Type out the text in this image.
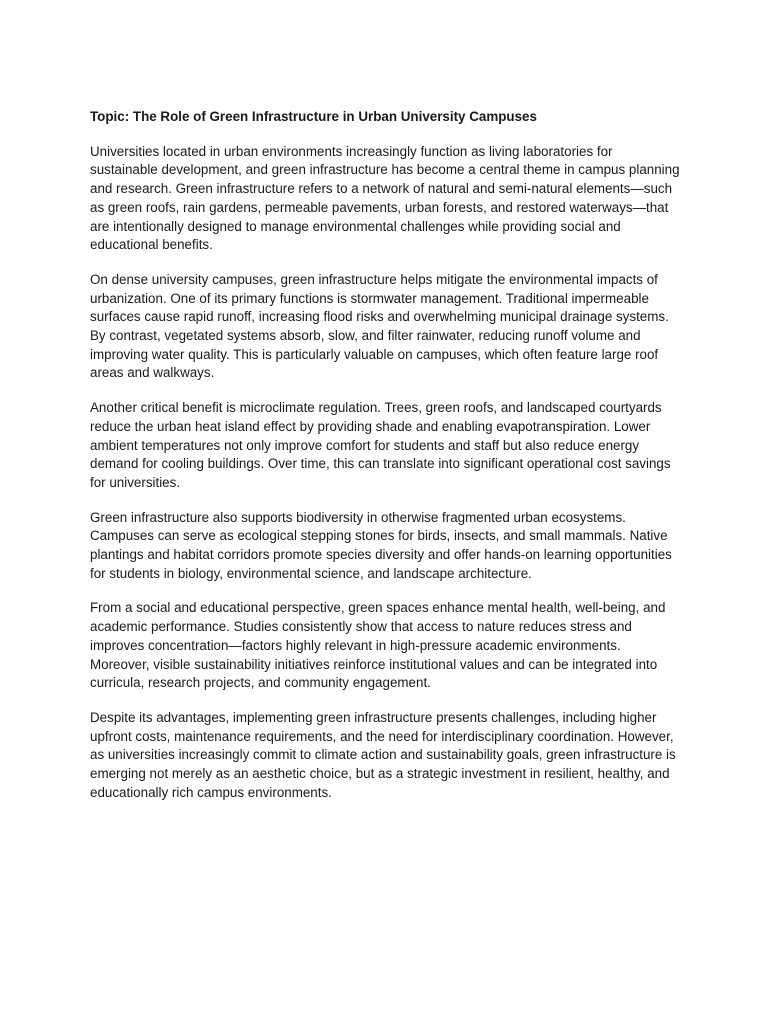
Topic: The Role of Green Infrastructure in Urban University Campuses

Universities located in urban environments increasingly function as living laboratories for sustainable development, and green infrastructure has become a central theme in campus planning and research. Green infrastructure refers to a network of natural and semi-natural elements—such as green roofs, rain gardens, permeable pavements, urban forests, and restored waterways—that are intentionally designed to manage environmental challenges while providing social and educational benefits.

On dense university campuses, green infrastructure helps mitigate the environmental impacts of urbanization. One of its primary functions is stormwater management. Traditional impermeable surfaces cause rapid runoff, increasing flood risks and overwhelming municipal drainage systems. By contrast, vegetated systems absorb, slow, and filter rainwater, reducing runoff volume and improving water quality. This is particularly valuable on campuses, which often feature large roof areas and walkways.

Another critical benefit is microclimate regulation. Trees, green roofs, and landscaped courtyards reduce the urban heat island effect by providing shade and enabling evapotranspiration. Lower ambient temperatures not only improve comfort for students and staff but also reduce energy demand for cooling buildings. Over time, this can translate into significant operational cost savings for universities.

Green infrastructure also supports biodiversity in otherwise fragmented urban ecosystems. Campuses can serve as ecological stepping stones for birds, insects, and small mammals. Native plantings and habitat corridors promote species diversity and offer hands-on learning opportunities for students in biology, environmental science, and landscape architecture.

From a social and educational perspective, green spaces enhance mental health, well-being, and academic performance. Studies consistently show that access to nature reduces stress and improves concentration—factors highly relevant in high-pressure academic environments. Moreover, visible sustainability initiatives reinforce institutional values and can be integrated into curricula, research projects, and community engagement.

Despite its advantages, implementing green infrastructure presents challenges, including higher upfront costs, maintenance requirements, and the need for interdisciplinary coordination. However, as universities increasingly commit to climate action and sustainability goals, green infrastructure is emerging not merely as an aesthetic choice, but as a strategic investment in resilient, healthy, and educationally rich campus environments.
